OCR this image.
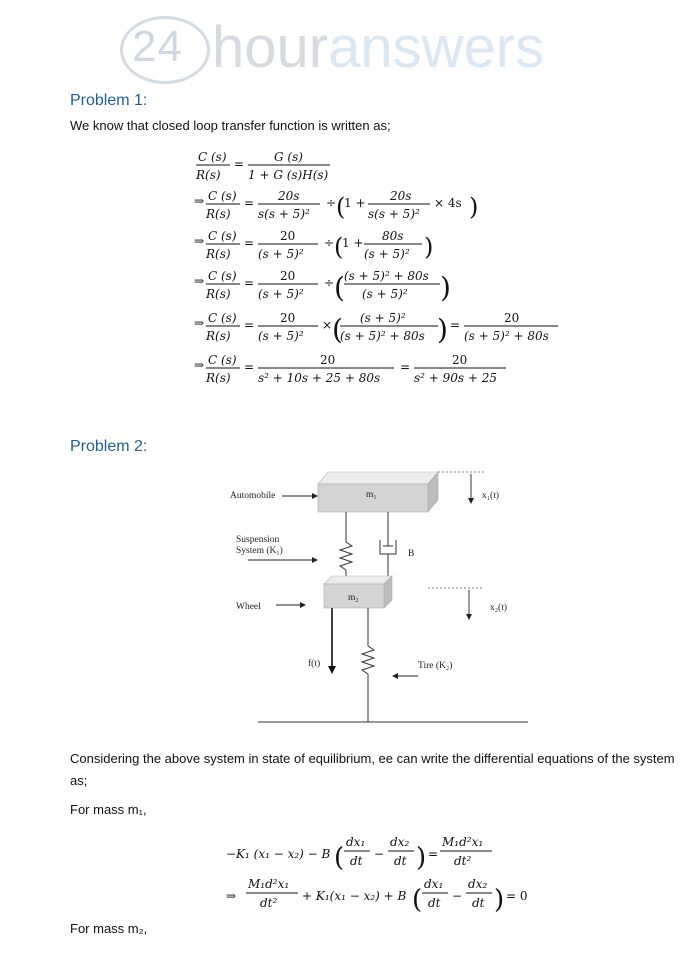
24 houranswers
Problem 1:
We know that closed loop transfer function is written as;
C (s)
R(s)
= G (s)
1 + G (s)H(s)
⇒ C (s)
R(s)
= 20s
s(s + 5)²
÷ (
1 + 20s
s(s + 5)²
× 4s )
⇒ C (s)
R(s)
= 20
(s + 5)²
÷ (
1 + 80s
(s + 5)² )
⇒ C (s)
R(s)
= 20
(s + 5)²
÷ ( (s + 5)² + 80s
(s + 5)² )
⇒ C (s)
R(s)
= 20
(s + 5)²
× ( (s + 5)²
(s + 5)² + 80s ) =	20
(s + 5)² + 80s
⇒ C (s)
R(s)
=	20
s² + 10s + 25 + 80s
=	20
s² + 90s + 25
Problem 2:
m₁	x₁(t)
Automobile
B
Suspension
System (K₁)
m₂
Wheel	x₂(t)
f(t)	Tire (K₂)
Considering the above system in state of equilibrium, ee can write the differential equations of the system as;
For mass m₁,
−K₁ (x₁ − x₂) − B (
dx₁
dt −
dx₂
dt ) =
M₁d²x₁
dt²
⇒
M₁d²x₁
dt² + K₁(x₁ − x₂) + B (
dx₁
dt −
dx₂
dt ) = 0
For mass m₂,
